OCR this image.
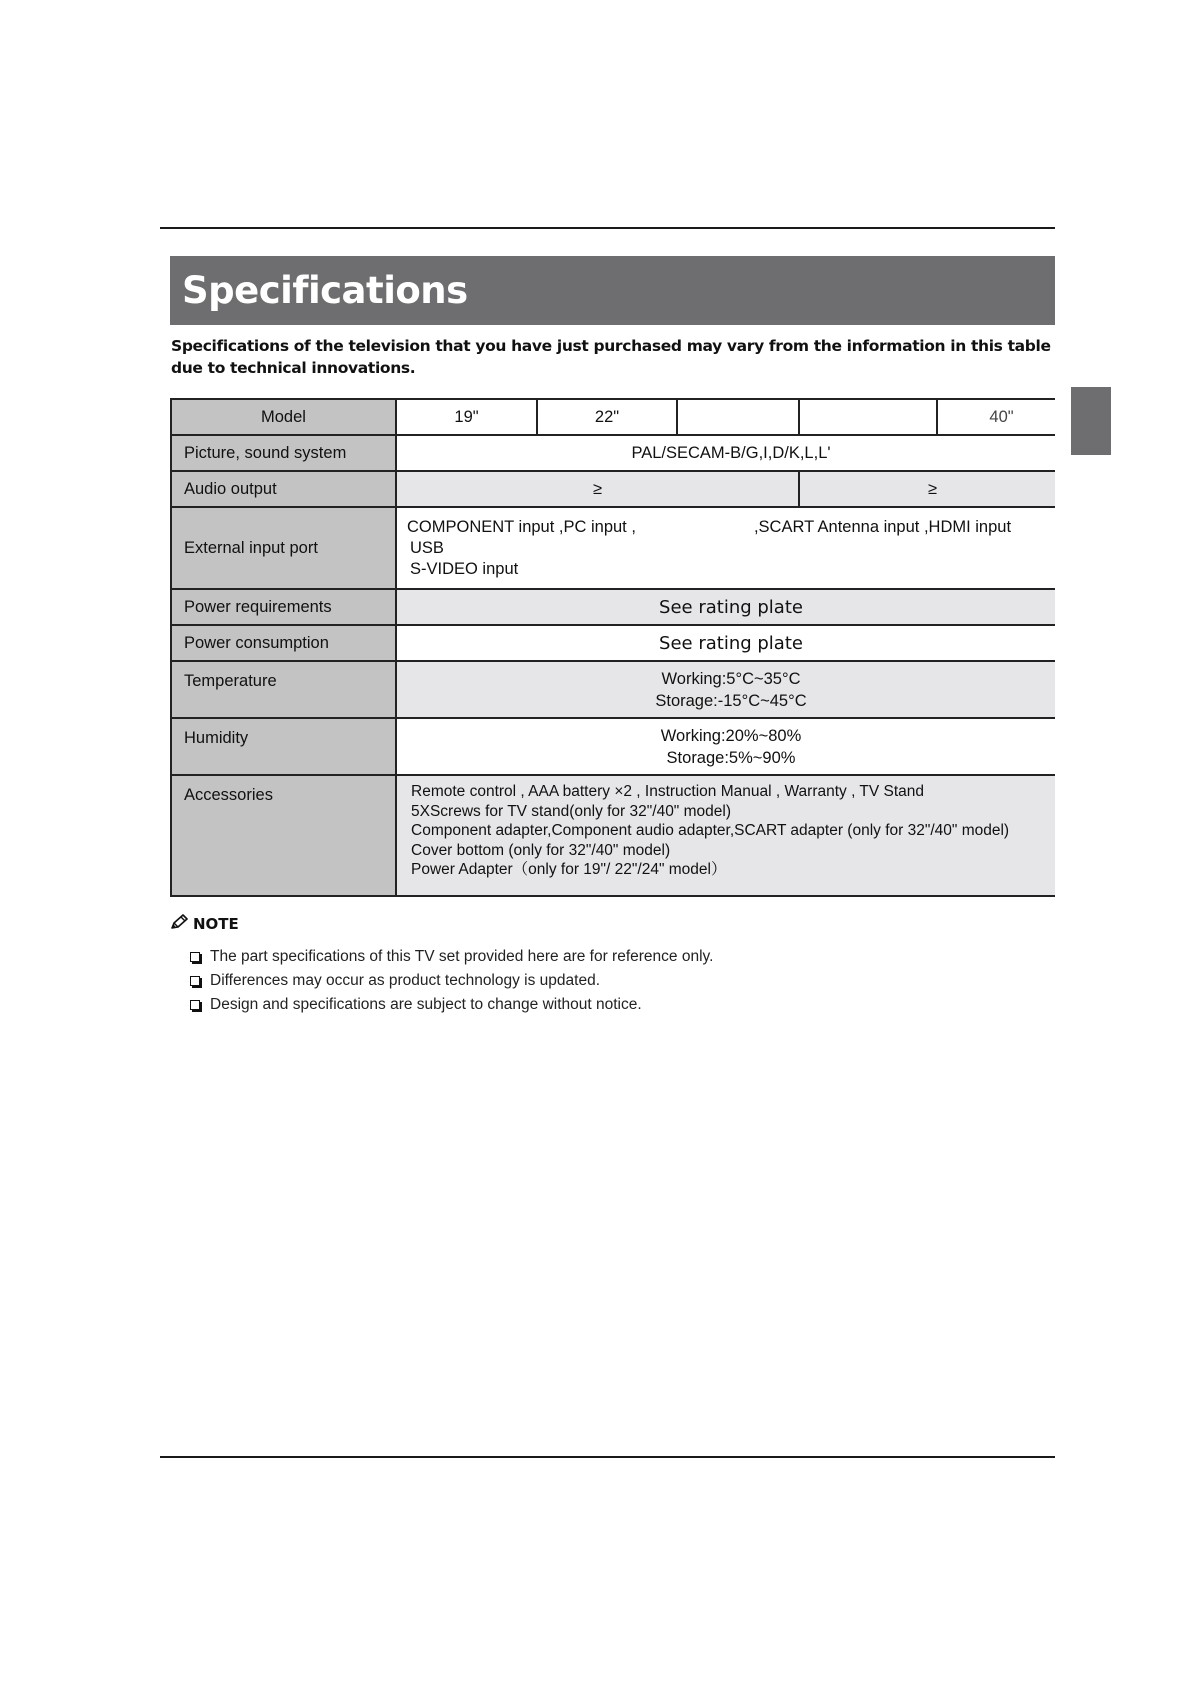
Specifications
Specifications of the television that you have just purchased may vary from the information in this table due to technical innovations.
Model	19"	22"			40"
Picture, sound system	PAL/SECAM-B/G,I,D/K,L,L'				
Audio output	≥			≥	
External input port	COMPONENT input ,PC input , ,SCART Antenna input ,HDMI input
USB
S-VIDEO input				

Power requirements	See rating plate				
Power consumption	See rating plate				
Temperature	Working:5°C~35°C
Storage:-15°C~45°C				

Humidity	Working:20%~80%
Storage:5%~90%				

Accessories	Remote control , AAA battery ×2 , Instruction Manual , Warranty , TV Stand
5XScrews for TV stand(only for 32"/40" model)
Component adapter,Component audio adapter,SCART adapter (only for 32"/40" model)
Cover bottom (only for 32"/40" model)
Power Adapter（only for 19"/ 22"/24" model）				
NOTE
The part specifications of this TV set provided here are for reference only.
Differences may occur as product technology is updated.
Design and specifications are subject to change without notice.
